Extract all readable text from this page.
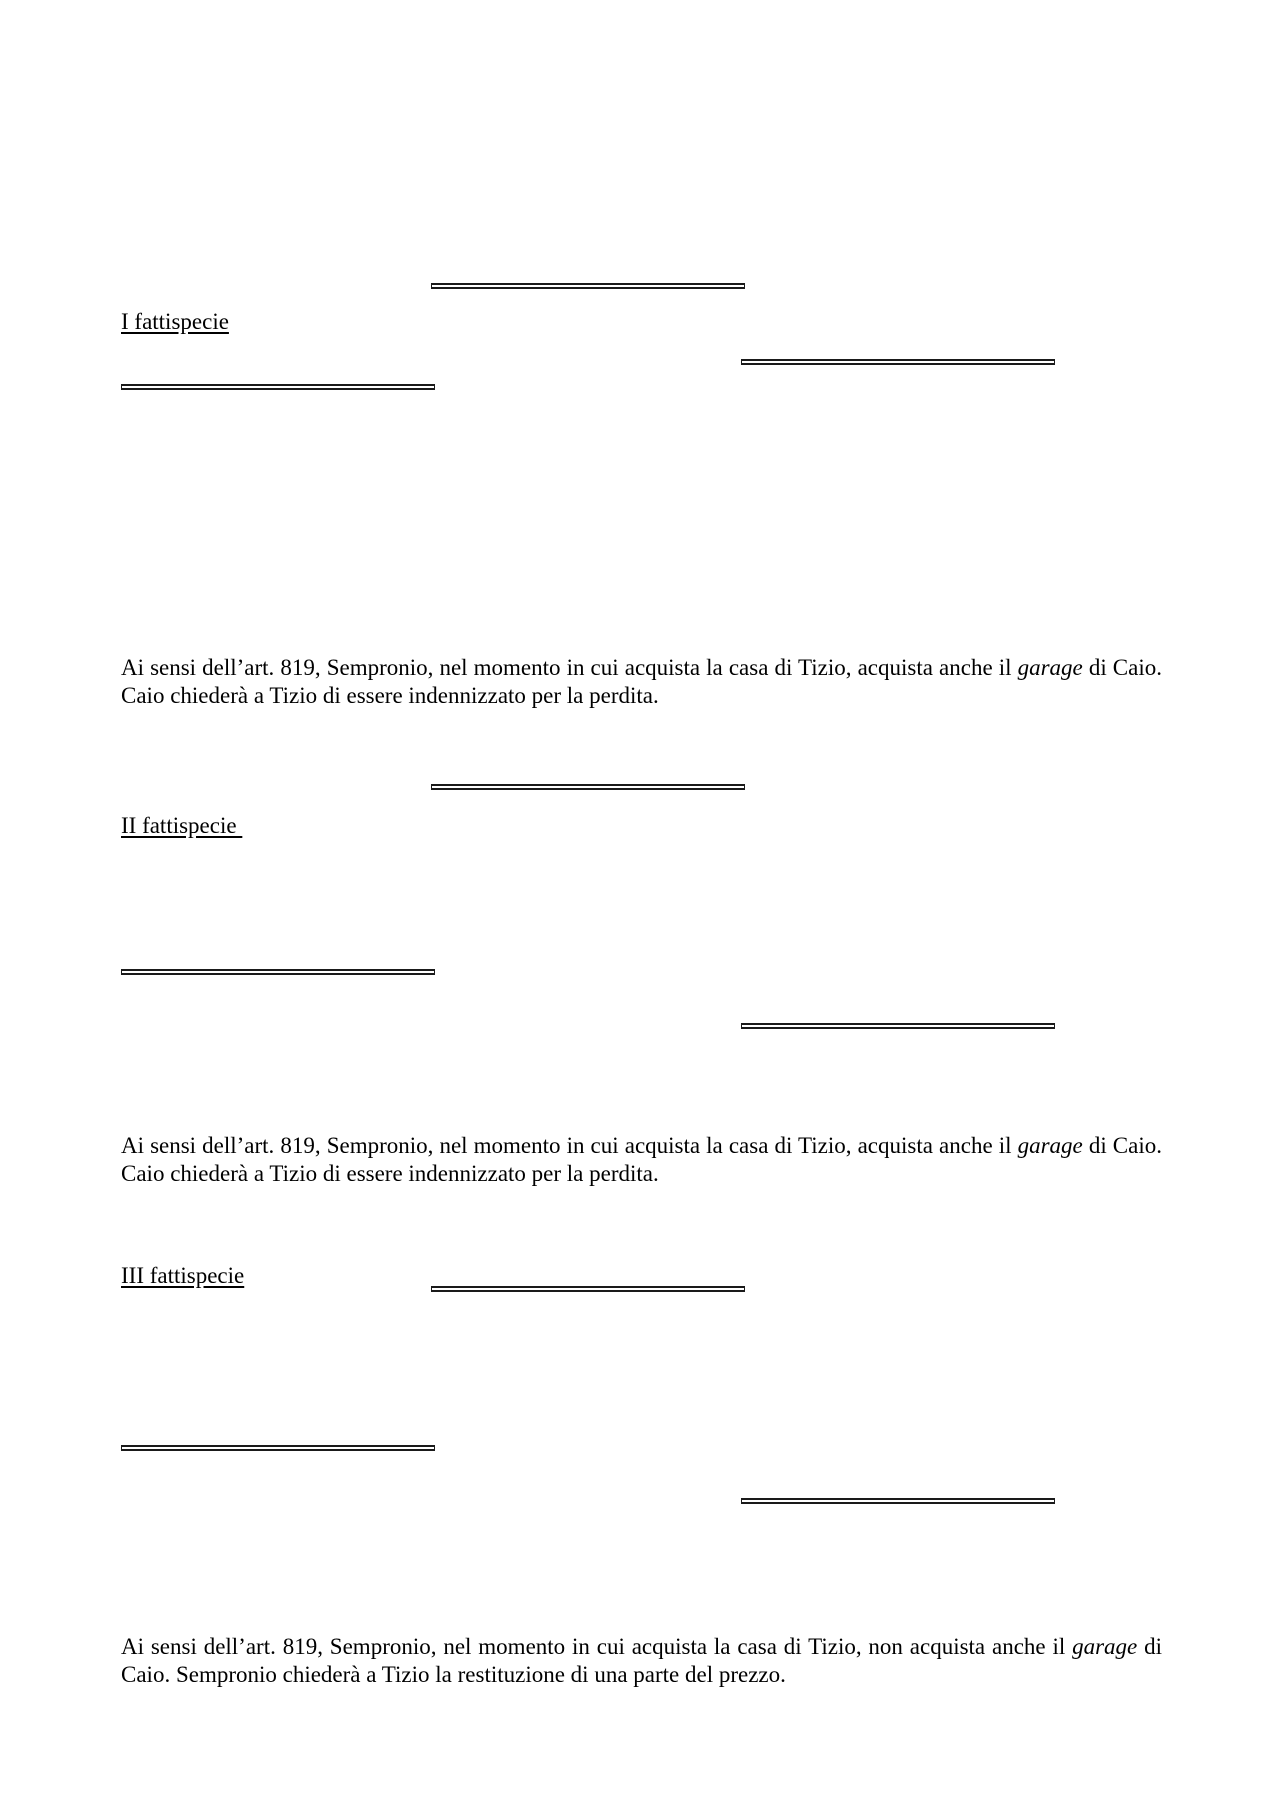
I fattispecie

Ai sensi dell’art. 819, Sempronio, nel momento in cui acquista la casa di Tizio, acquista anche il garage di Caio. Caio chiederà a Tizio di essere indennizzato per la perdita.

II fattispecie

Ai sensi dell’art. 819, Sempronio, nel momento in cui acquista la casa di Tizio, acquista anche il garage di Caio. Caio chiederà a Tizio di essere indennizzato per la perdita.

III fattispecie

Ai sensi dell’art. 819, Sempronio, nel momento in cui acquista la casa di Tizio, non acquista anche il garage di Caio. Sempronio chiederà a Tizio la restituzione di una parte del prezzo.
